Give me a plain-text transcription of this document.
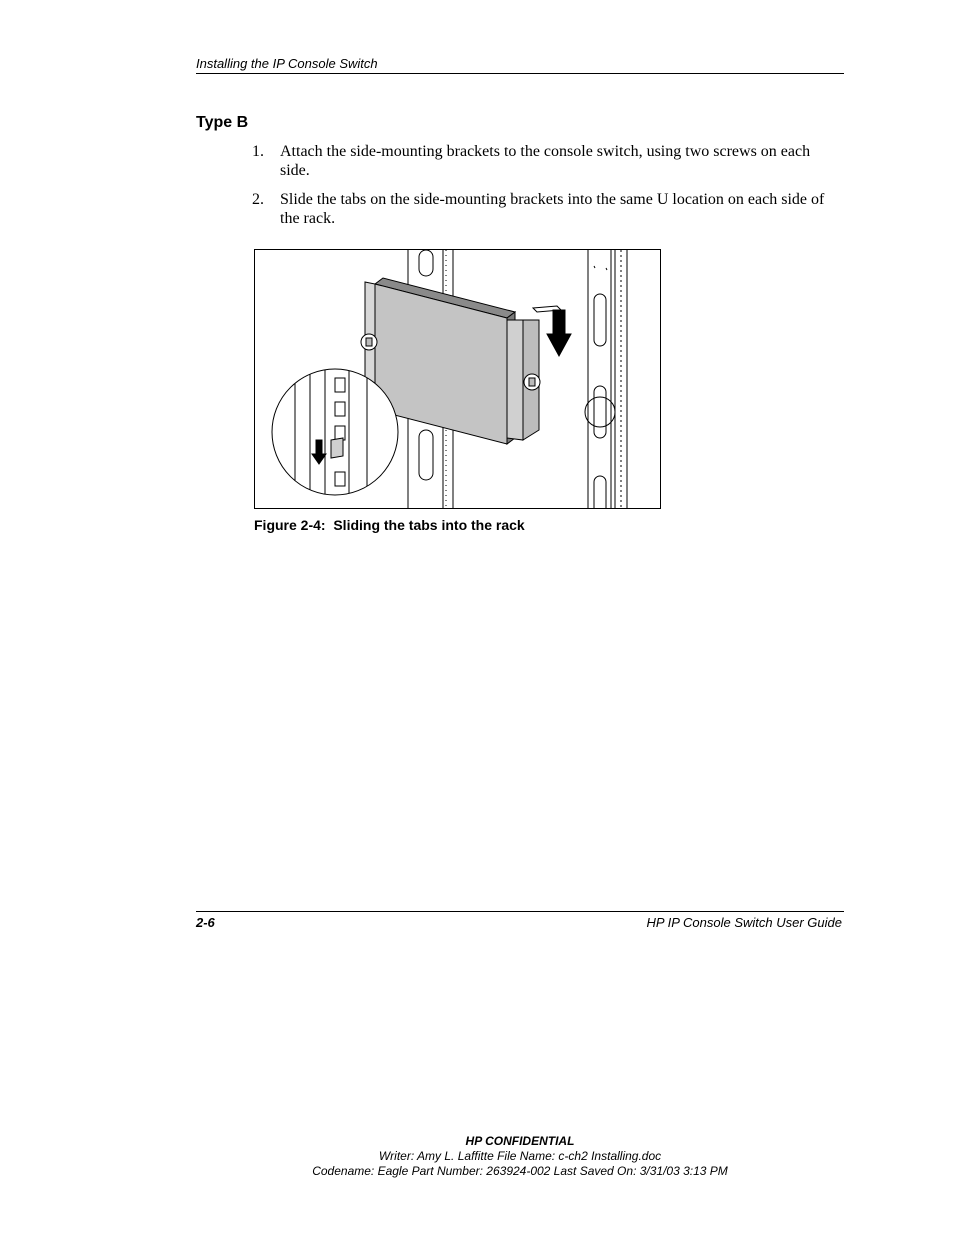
Installing the IP Console Switch
Type B
1.	Attach the side-mounting brackets to the console switch, using two screws on each side.
2.	Slide the tabs on the side-mounting brackets into the same U location on each side of the rack.
Figure 2-4:  Sliding the tabs into the rack
2-6	HP IP Console Switch User Guide
HP CONFIDENTIAL
Writer: Amy L. Laffitte File Name: c-ch2 Installing.doc
Codename: Eagle Part Number: 263924-002 Last Saved On: 3/31/03 3:13 PM
